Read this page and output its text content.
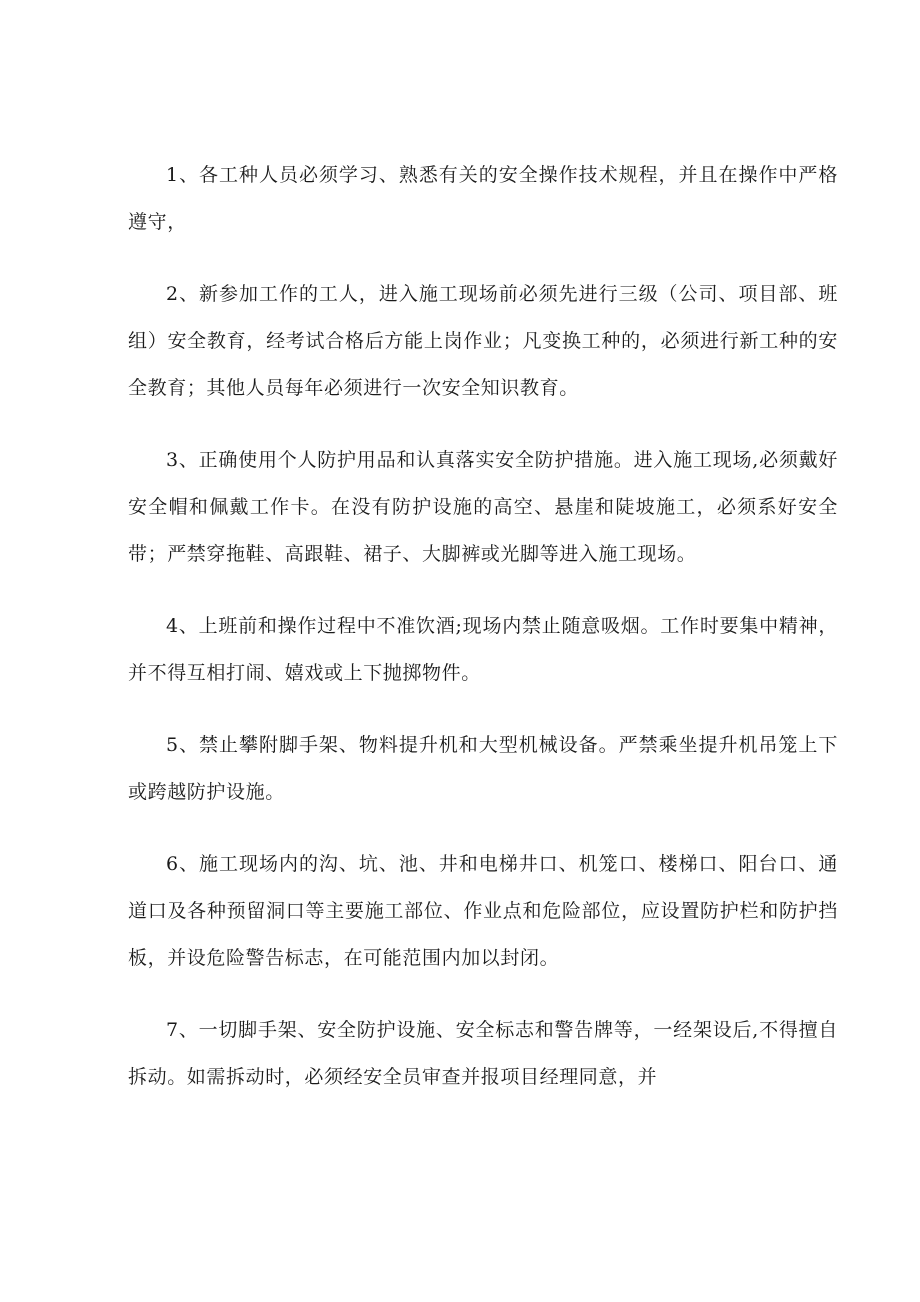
1、各工种人员必须学习、熟悉有关的安全操作技术规程，并且在操作中严格遵守，

2、新参加工作的工人，进入施工现场前必须先进行三级（公司、项目部、班组）安全教育，经考试合格后方能上岗作业；凡变换工种的，必须进行新工种的安全教育；其他人员每年必须进行一次安全知识教育。

3、正确使用个人防护用品和认真落实安全防护措施。进入施工现场,必须戴好安全帽和佩戴工作卡。在没有防护设施的高空、悬崖和陡坡施工，必须系好安全带；严禁穿拖鞋、高跟鞋、裙子、大脚裤或光脚等进入施工现场。

4、上班前和操作过程中不准饮酒;现场内禁止随意吸烟。工作时要集中精神，并不得互相打闹、嬉戏或上下抛掷物件。

5、禁止攀附脚手架、物料提升机和大型机械设备。严禁乘坐提升机吊笼上下或跨越防护设施。

6、施工现场内的沟、坑、池、井和电梯井口、机笼口、楼梯口、阳台口、通道口及各种预留洞口等主要施工部位、作业点和危险部位，应设置防护栏和防护挡板，并设危险警告标志，在可能范围内加以封闭。

7、一切脚手架、安全防护设施、安全标志和警告牌等，一经架设后,不得擅自拆动。如需拆动时，必须经安全员审查并报项目经理同意，并
